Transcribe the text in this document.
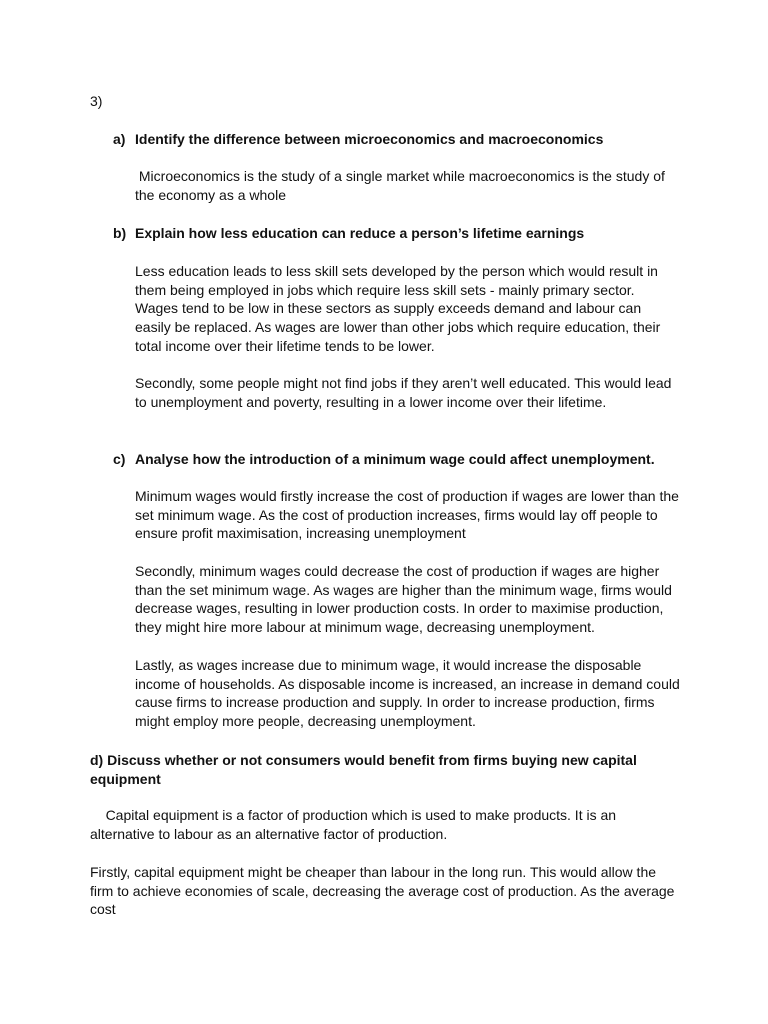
3)

a) Identify the difference between microeconomics and macroeconomics

Microeconomics is the study of a single market while macroeconomics is the study of the economy as a whole

b) Explain how less education can reduce a person’s lifetime earnings

Less education leads to less skill sets developed by the person which would result in them being employed in jobs which require less skill sets - mainly primary sector. Wages tend to be low in these sectors as supply exceeds demand and labour can easily be replaced. As wages are lower than other jobs which require education, their total income over their lifetime tends to be lower.

Secondly, some people might not find jobs if they aren’t well educated. This would lead to unemployment and poverty, resulting in a lower income over their lifetime.

c) Analyse how the introduction of a minimum wage could affect unemployment.

Minimum wages would firstly increase the cost of production if wages are lower than the set minimum wage. As the cost of production increases, firms would lay off people to ensure profit maximisation, increasing unemployment

Secondly, minimum wages could decrease the cost of production if wages are higher than the set minimum wage. As wages are higher than the minimum wage, firms would decrease wages, resulting in lower production costs. In order to maximise production, they might hire more labour at minimum wage, decreasing unemployment.

Lastly, as wages increase due to minimum wage, it would increase the disposable income of households. As disposable income is increased, an increase in demand could cause firms to increase production and supply. In order to increase production, firms might employ more people, decreasing unemployment.

d) Discuss whether or not consumers would benefit from firms buying new capital equipment

Capital equipment is a factor of production which is used to make products. It is an alternative to labour as an alternative factor of production.

Firstly, capital equipment might be cheaper than labour in the long run. This would allow the firm to achieve economies of scale, decreasing the average cost of production. As the average cost
